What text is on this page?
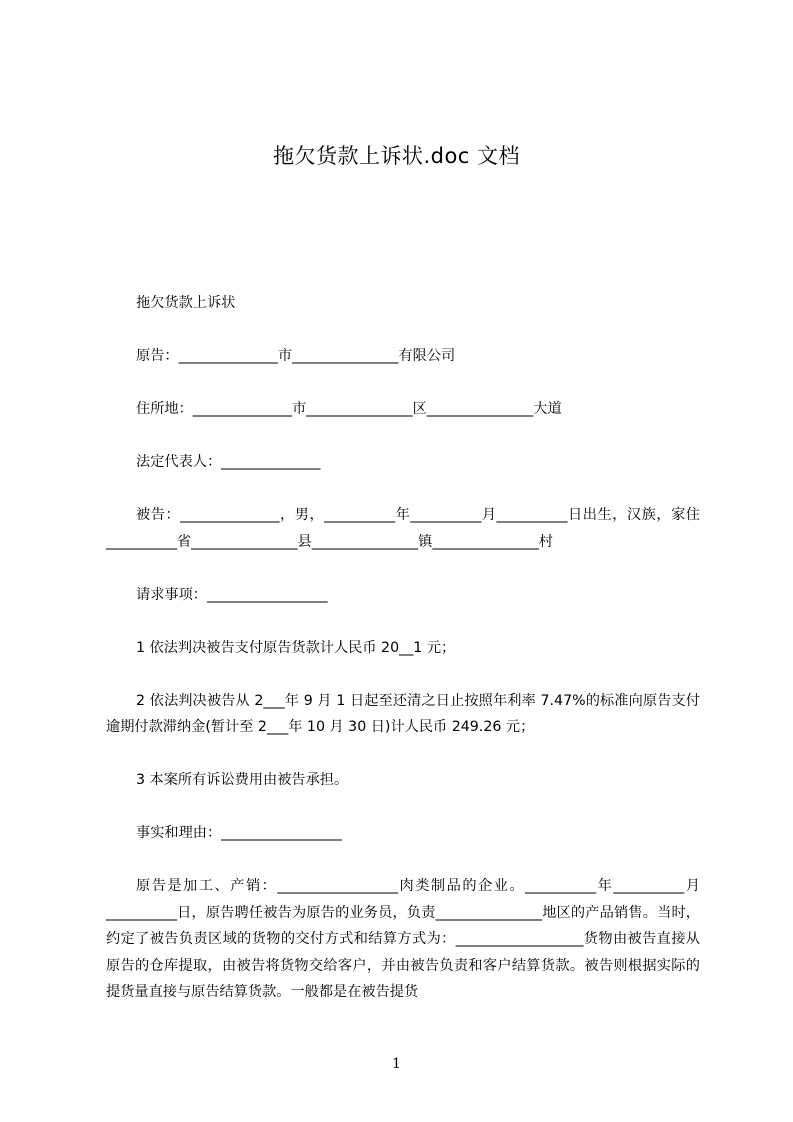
拖欠货款上诉状.doc 文档

拖欠货款上诉状

原告：______________市_______________有限公司

住所地：______________市_______________区_______________大道

法定代表人：______________

被告：______________，男，__________年__________月__________日出生，汉族，家住__________省_______________县_______________镇_______________村

请求事项：_________________

1 依法判决被告支付原告货款计人民币 20__1 元；

2 依法判决被告从 2___年 9 月 1 日起至还清之日止按照年利率 7.47%的标准向原告支付逾期付款滞纳金(暂计至 2___年 10 月 30 日)计人民币 249.26 元；

3 本案所有诉讼费用由被告承担。

事实和理由：_________________

原告是加工、产销：_________________肉类制品的企业。__________年__________月__________日，原告聘任被告为原告的业务员，负责_______________地区的产品销售。当时，约定了被告负责区域的货物的交付方式和结算方式为：__________________货物由被告直接从原告的仓库提取，由被告将货物交给客户，并由被告负责和客户结算货款。被告则根据实际的提货量直接与原告结算货款。一般都是在被告提货

1
